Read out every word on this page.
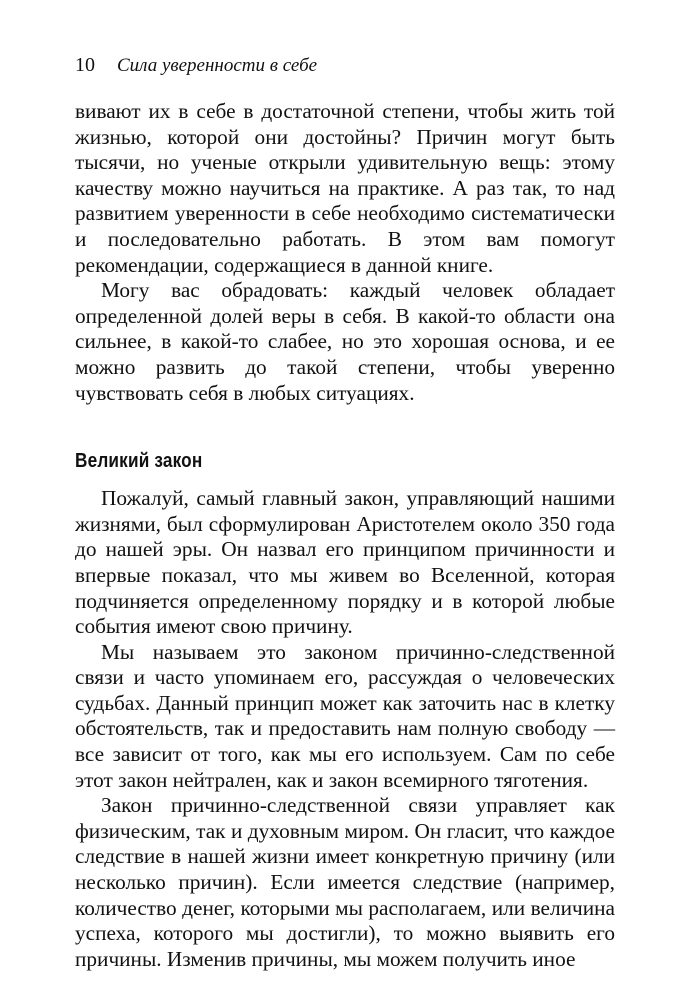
10 Сила уверенности в себе

вивают их в себе в достаточной степени, чтобы жить той жизнью, которой они достойны? Причин могут быть тысячи, но ученые открыли удивительную вещь: этому качеству можно научиться на практике. А раз так, то над развитием уверенности в себе необходимо систематически и последовательно работать. В этом вам помогут рекомендации, содержащиеся в данной книге.

Могу вас обрадовать: каждый человек обладает определенной долей веры в себя. В какой-то области она сильнее, в какой-то слабее, но это хорошая основа, и ее можно развить до такой степени, чтобы уверенно чувствовать себя в любых ситуациях.

Великий закон

Пожалуй, самый главный закон, управляющий нашими жизнями, был сформулирован Аристотелем около 350 года до нашей эры. Он назвал его принципом причинности и впервые показал, что мы живем во Вселенной, которая подчиняется определенному порядку и в которой любые события имеют свою причину.

Мы называем это законом причинно-следственной связи и часто упоминаем его, рассуждая о человеческих судьбах. Данный принцип может как заточить нас в клетку обстоятельств, так и предоставить нам полную свободу — все зависит от того, как мы его используем. Сам по себе этот закон нейтрален, как и закон всемирного тяготения.

Закон причинно-следственной связи управляет как физическим, так и духовным миром. Он гласит, что каждое следствие в нашей жизни имеет конкретную причину (или несколько причин). Если имеется следствие (например, количество денег, которыми мы располагаем, или величина успеха, которого мы достигли), то можно выявить его причины. Изменив причины, мы можем получить иное
